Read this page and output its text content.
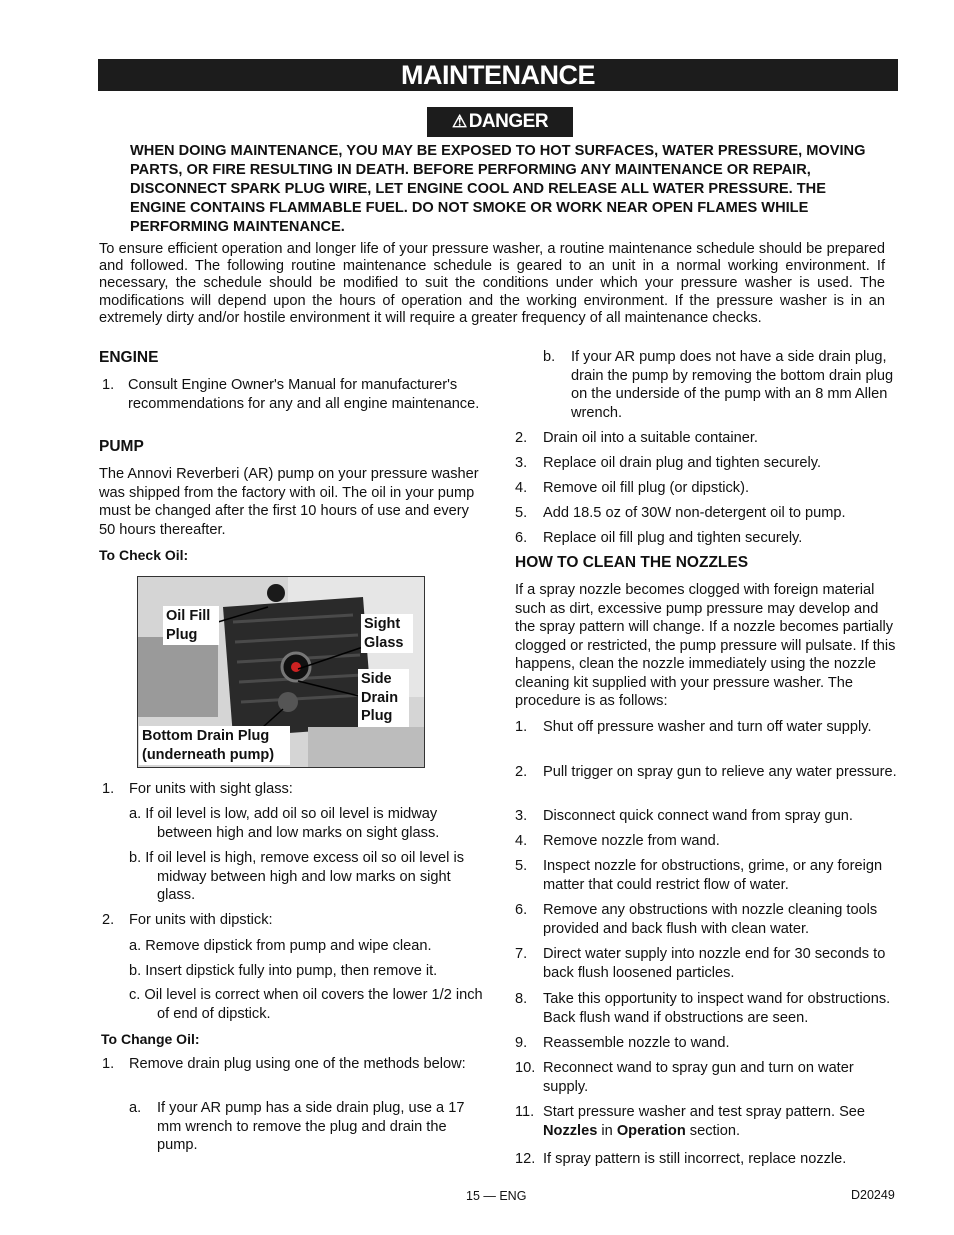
MAINTENANCE
⚠ DANGER
WHEN DOING MAINTENANCE, YOU MAY BE EXPOSED TO HOT SURFACES, WATER PRESSURE, MOVING PARTS, OR FIRE RESULTING IN DEATH. BEFORE PERFORMING ANY MAINTENANCE OR REPAIR, DISCONNECT SPARK PLUG WIRE, LET ENGINE COOL AND RELEASE ALL WATER PRESSURE. THE ENGINE CONTAINS FLAMMABLE FUEL. DO NOT SMOKE OR WORK NEAR OPEN FLAMES WHILE PERFORMING MAINTENANCE.
To ensure efficient operation and longer life of your pressure washer, a routine maintenance schedule should be prepared and followed. The following routine maintenance schedule is geared to an unit in a normal working environment. If necessary, the schedule should be modified to suit the conditions under which your pressure washer is used. The modifications will depend upon the hours of operation and the working environment. If the pressure washer is in an extremely dirty and/or hostile environment it will require a greater frequency of all maintenance checks.
ENGINE
1. Consult Engine Owner's Manual for manufacturer's recommendations for any and all engine maintenance.
PUMP
The Annovi Reverberi (AR) pump on your pressure washer was shipped from the factory with oil. The oil in your pump must be changed after the first 10 hours of use and every 50 hours thereafter.
To Check Oil:
Oil Fill Plug
Sight Glass
Side Drain Plug
Bottom Drain Plug (underneath pump)
1. For units with sight glass:
a. If oil level is low, add oil so oil level is midway between high and low marks on sight glass.
b. If oil level is high, remove excess oil so oil level is midway between high and low marks on sight glass.
2. For units with dipstick:
a. Remove dipstick from pump and wipe clean.
b. Insert dipstick fully into pump, then remove it.
c. Oil level is correct when oil covers the lower 1/2 inch of end of dipstick.
To Change Oil:
1. Remove drain plug using one of the methods below:
a. If your AR pump has a side drain plug, use a 17 mm wrench to remove the plug and drain the pump.
b. If your AR pump does not have a side drain plug, drain the pump by removing the bottom drain plug on the underside of the pump with an 8 mm Allen wrench.
2. Drain oil into a suitable container.
3. Replace oil drain plug and tighten securely.
4. Remove oil fill plug (or dipstick).
5. Add 18.5 oz of 30W non-detergent oil to pump.
6. Replace oil fill plug and tighten securely.
HOW TO CLEAN THE NOZZLES
If a spray nozzle becomes clogged with foreign material such as dirt, excessive pump pressure may develop and the spray pattern will change. If a nozzle becomes partially clogged or restricted, the pump pressure will pulsate. If this happens, clean the nozzle immediately using the nozzle cleaning kit supplied with your pressure washer. The procedure is as follows:
1. Shut off pressure washer and turn off water supply.
2. Pull trigger on spray gun to relieve any water pressure.
3. Disconnect quick connect wand from spray gun.
4. Remove nozzle from wand.
5. Inspect nozzle for obstructions, grime, or any foreign matter that could restrict flow of water.
6. Remove any obstructions with nozzle cleaning tools provided and back flush with clean water.
7. Direct water supply into nozzle end for 30 seconds to back flush loosened particles.
8. Take this opportunity to inspect wand for obstructions. Back flush wand if obstructions are seen.
9. Reassemble nozzle to wand.
10. Reconnect wand to spray gun and turn on water supply.
11. Start pressure washer and test spray pattern. See Nozzles in Operation section.
12. If spray pattern is still incorrect, replace nozzle.
15 — ENG	D20249
